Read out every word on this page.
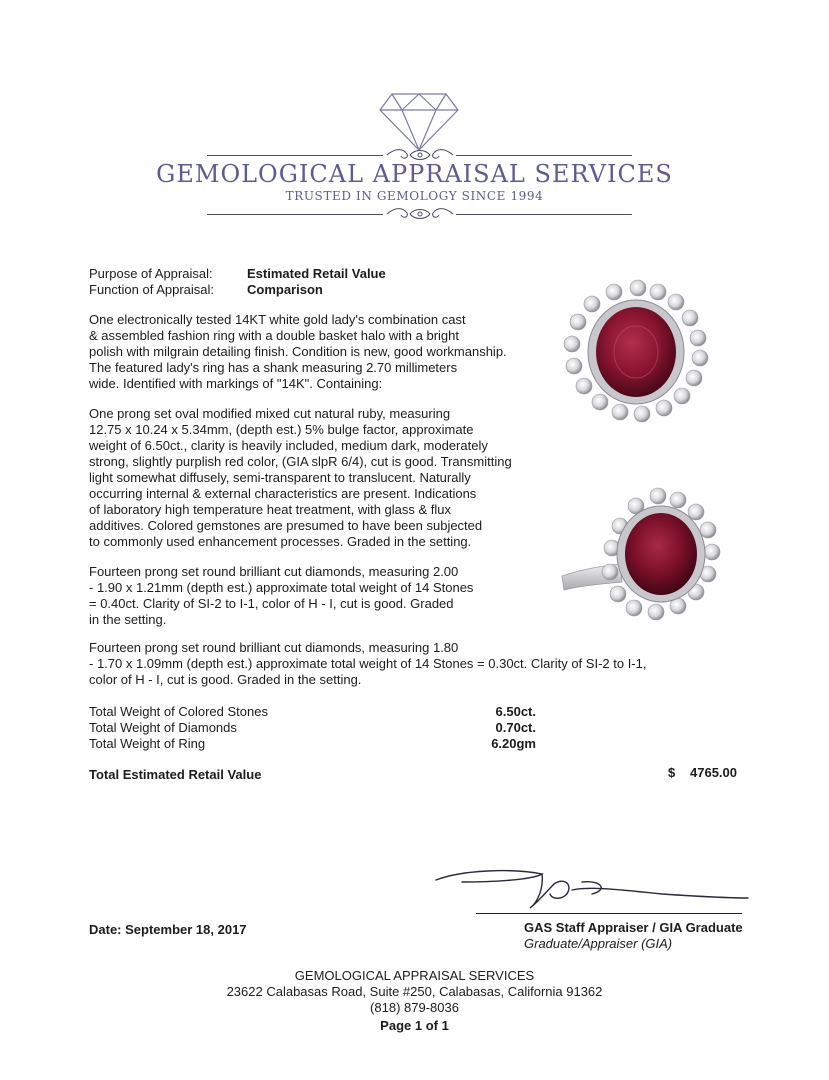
GEMOLOGICAL APPRAISAL SERVICES
TRUSTED IN GEMOLOGY SINCE 1994
Purpose of Appraisal:	Estimated Retail Value
Function of Appraisal:	Comparison
One electronically tested 14KT white gold lady's combination cast
& assembled fashion ring with a double basket halo with a bright
polish with milgrain detailing finish. Condition is new, good workmanship.
The featured lady's ring has a shank measuring 2.70 millimeters
wide. Identified with markings of "14K". Containing:
One prong set oval modified mixed cut natural ruby, measuring
12.75 x 10.24 x 5.34mm, (depth est.) 5% bulge factor, approximate
weight of 6.50ct., clarity is heavily included, medium dark, moderately
strong, slightly purplish red color, (GIA slpR 6/4), cut is good. Transmitting
light somewhat diffusely, semi-transparent to translucent. Naturally
occurring internal & external characteristics are present. Indications
of laboratory high temperature heat treatment, with glass & flux
additives. Colored gemstones are presumed to have been subjected
to commonly used enhancement processes. Graded in the setting.
Fourteen prong set round brilliant cut diamonds, measuring 2.00
- 1.90 x 1.21mm (depth est.) approximate total weight of 14 Stones
= 0.40ct. Clarity of SI-2 to I-1, color of H - I, cut is good. Graded
in the setting.
Fourteen prong set round brilliant cut diamonds, measuring 1.80
- 1.70 x 1.09mm (depth est.) approximate total weight of 14 Stones = 0.30ct. Clarity of SI-2 to I-1,
color of H - I, cut is good. Graded in the setting.
Total Weight of Colored Stones	6.50ct.
Total Weight of Diamonds	0.70ct.
Total Weight of Ring	6.20gm
Total Estimated Retail Value	$ 4765.00
Date: September 18, 2017	GAS Staff Appraiser / GIA Graduate
Graduate/Appraiser (GIA)
GEMOLOGICAL APPRAISAL SERVICES
23622 Calabasas Road, Suite #250, Calabasas, California 91362
(818) 879-8036
Page 1 of 1
